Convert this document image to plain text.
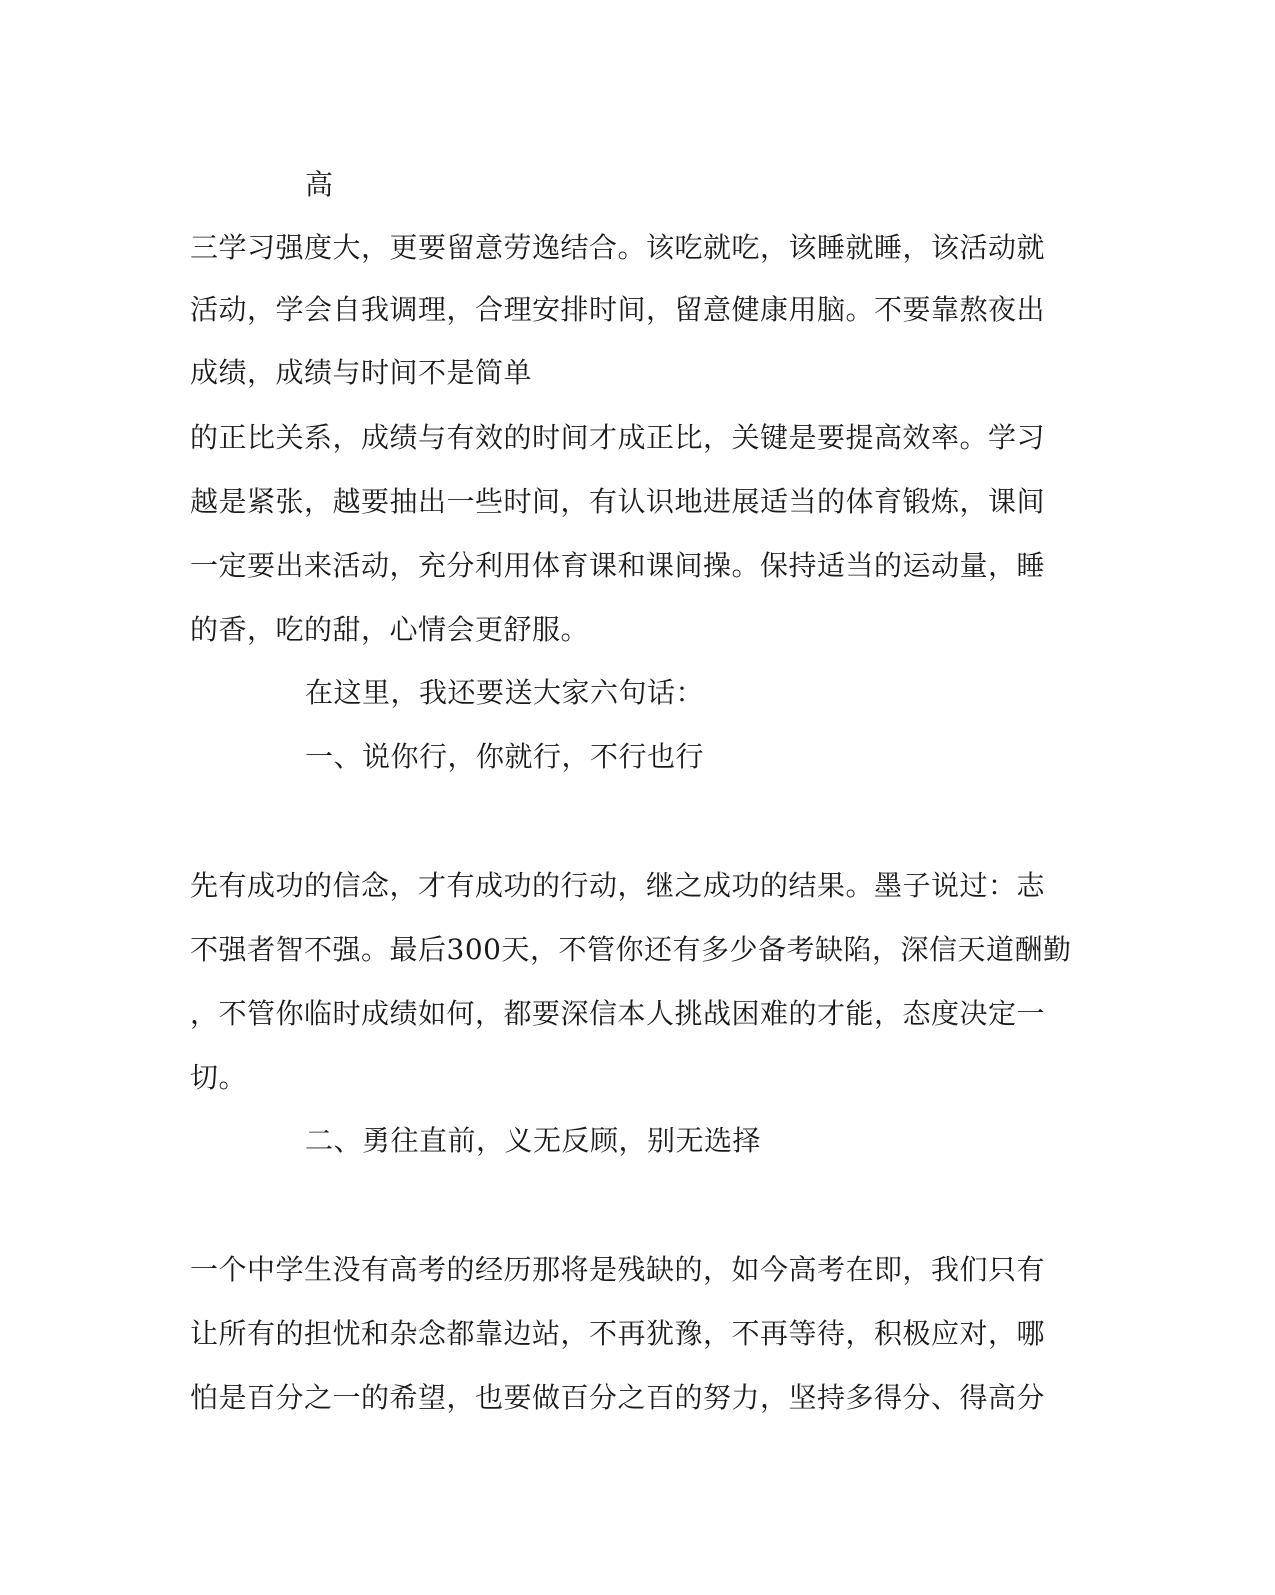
高
三学习强度大，更要留意劳逸结合。该吃就吃，该睡就睡，该活动就
活动，学会自我调理，合理安排时间，留意健康用脑。不要靠熬夜出
成绩，成绩与时间不是简单
的正比关系，成绩与有效的时间才成正比，关键是要提高效率。学习
越是紧张，越要抽出一些时间，有认识地进展适当的体育锻炼，课间
一定要出来活动，充分利用体育课和课间操。保持适当的运动量，睡
的香，吃的甜，心情会更舒服。
在这里，我还要送大家六句话：
一、说你行，你就行，不行也行
先有成功的信念，才有成功的行动，继之成功的结果。墨子说过：志
不强者智不强。最后300天，不管你还有多少备考缺陷，深信天道酬勤
，不管你临时成绩如何，都要深信本人挑战困难的才能，态度决定一
切。
二、勇往直前，义无反顾，别无选择
一个中学生没有高考的经历那将是残缺的，如今高考在即，我们只有
让所有的担忧和杂念都靠边站，不再犹豫，不再等待，积极应对，哪
怕是百分之一的希望，也要做百分之百的努力，坚持多得分、得高分
